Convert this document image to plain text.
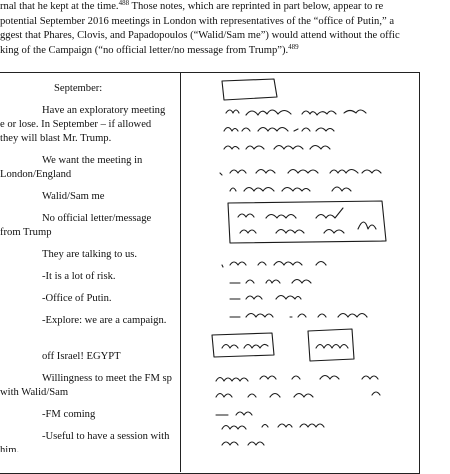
rnal that he kept at the time.$^{488}$ Those notes, which are reprinted in part below, appear to re
potential September 2016 meetings in London with representatives of the “office of Putin,” a
ggest that Phares, Clovis, and Papadopoulos (“Walid/Sam me”) would attend without the offic
king of the Campaign (“no official letter/no message from Trump”).$^{489}$
September:
Have an exploratory meeting
e or lose. In September – if allowed
they will blast Mr. Trump.
We want the meeting in
London/England
Walid/Sam me
No official letter/message
from Trump
They are talking to us.
-It is a lot of risk.
-Office of Putin.
-Explore: we are a campaign.
off Israel! EGYPT
Willingness to meet the FM sp
with Walid/Sam
-FM coming
-Useful to have a session with
him.
